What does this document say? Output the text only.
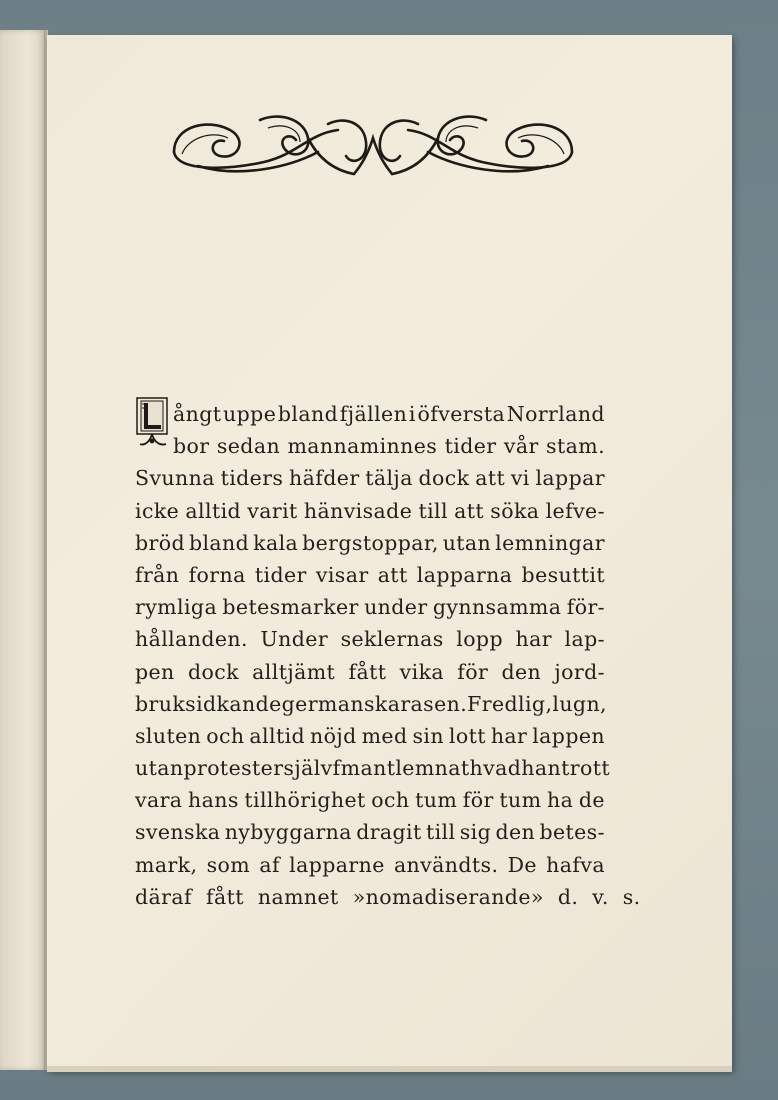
L
ångt uppe bland fjällen i öfversta Norrland
bor sedan mannaminnes tider vår stam.
Svunna tiders häfder tälja dock att vi lappar
icke alltid varit hänvisade till att söka lefve-
bröd bland kala bergstoppar, utan lemningar
från forna tider visar att lapparna besuttit
rymliga betesmarker under gynnsamma för-
hållanden. Under seklernas lopp har lap-
pen dock alltjämt fått vika för den jord-
bruksidkande germanska rasen. Fredlig, lugn,
sluten och alltid nöjd med sin lott har lappen
utan protester självfmant lemnat hvad han trott
vara hans tillhörighet och tum för tum ha de
svenska nybyggarna dragit till sig den betes-
mark, som af lapparne användts. De hafva
däraf fått namnet »nomadiserande» d. v. s.
